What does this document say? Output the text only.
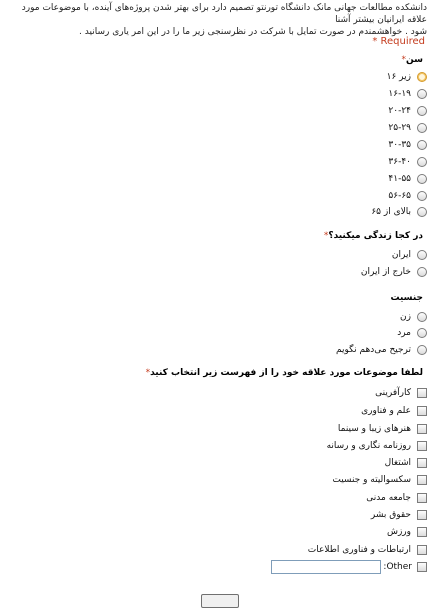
دانشکده مطالعات جهانی مانک دانشگاه تورنتو تصمیم دارد برای بهتر شدن پروژه‌های آینده، با موضوعات مورد علاقه ایرانیان بیشتر آشنا
شود . خواهشمندم در صورت تمایل با شرکت در نظرسنجی زیر ما را در این امر یاری رسانید .
* Required
سن*
زیر ۱۶
۱۶-۱۹
۲۰-۲۴
۲۵-۲۹
۳۰-۳۵
۳۶-۴۰
۴۱-۵۵
۵۶-۶۵
بالای از ۶۵
در کجا زندگی میکنید؟*
ایران
خارج از ایران
جنسیت
زن
مرد
ترجیح می‌دهم نگویم
لطفا موضوعات مورد علاقه خود را از فهرست زیر انتخاب کنید*
کارآفرینی
علم و فناوری
هنرهای زیبا و سینما
روزنامه نگاری و رسانه
اشتغال
سکسوالیته و جنسیت
جامعه مدنی
حقوق بشر
ورزش
ارتباطات و فناوری اطلاعات
Other:
